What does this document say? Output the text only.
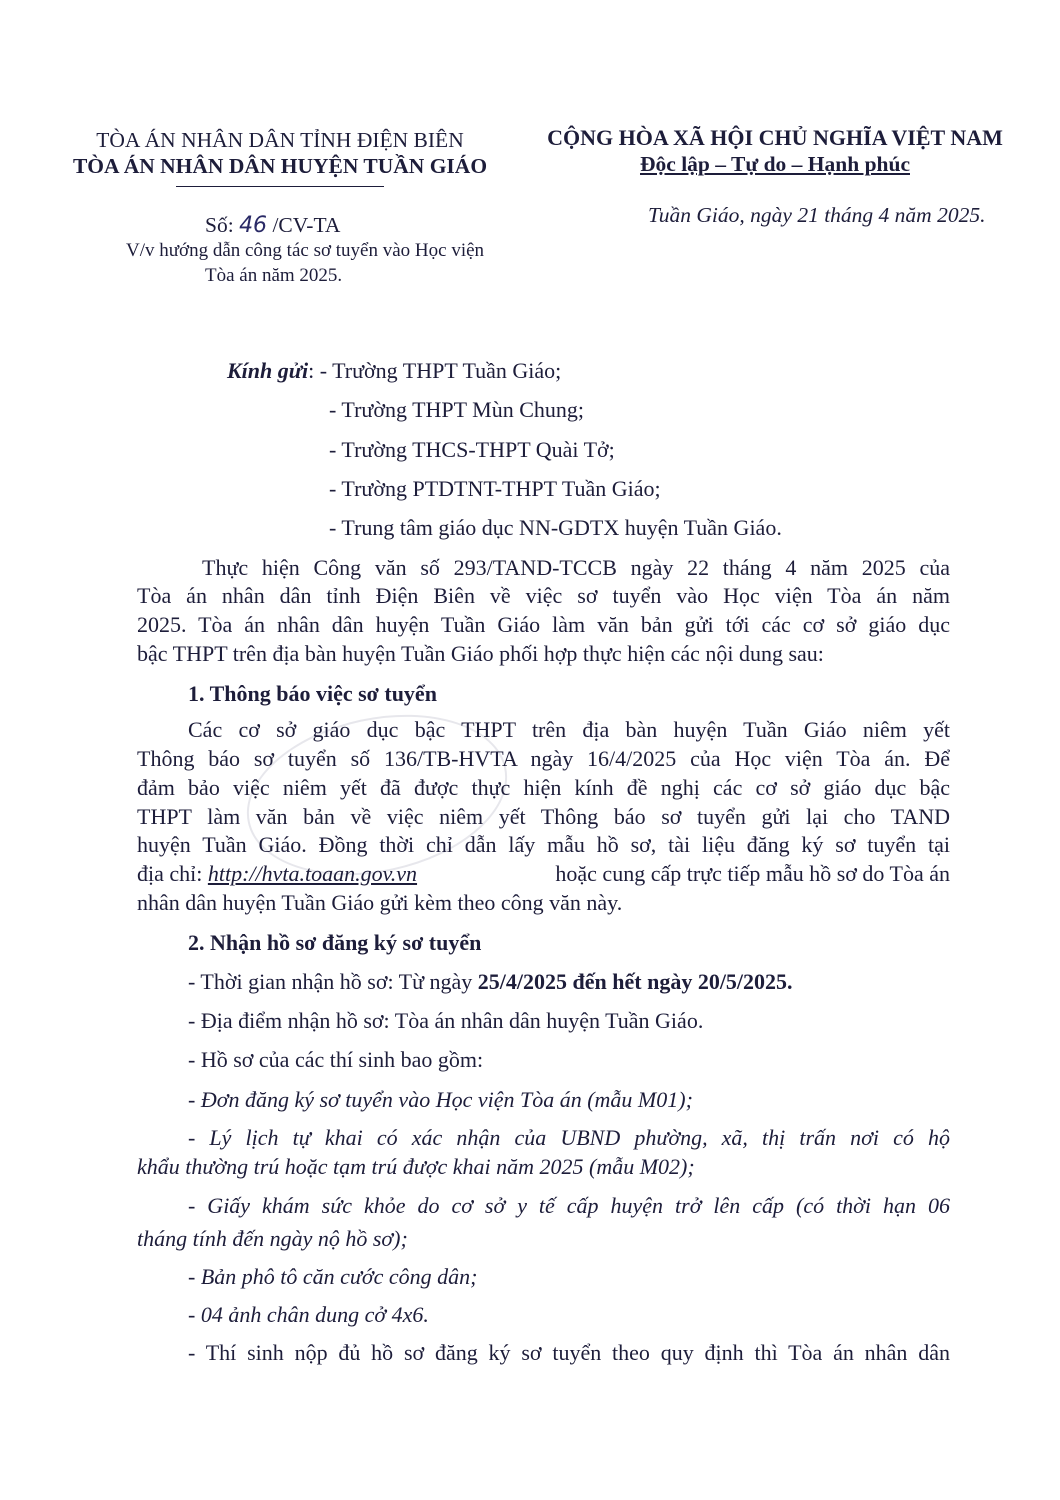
TÒA ÁN NHÂN DÂN TỈNH ĐIỆN BIÊN
TÒA ÁN NHÂN DÂN HUYỆN TUẦN GIÁO
CỘNG HÒA XÃ HỘI CHỦ NGHĨA VIỆT NAM
Độc lập – Tự do – Hạnh phúc
Số: 46 /CV-TA
V/v hướng dẫn công tác sơ tuyển vào Học viện
Tòa án năm 2025.
Tuần Giáo, ngày 21 tháng 4 năm 2025.
Kính gửi: - Trường THPT Tuần Giáo;
- Trường THPT Mùn Chung;
- Trường THCS-THPT Quài Tở;
- Trường PTDTNT-THPT Tuần Giáo;
- Trung tâm giáo dục NN-GDTX huyện Tuần Giáo.
Thực hiện Công văn số 293/TAND-TCCB ngày 22 tháng 4 năm 2025 của
Tòa án nhân dân tỉnh Điện Biên về việc sơ tuyển vào Học viện Tòa án năm
2025. Tòa án nhân dân huyện Tuần Giáo làm văn bản gửi tới các cơ sở giáo dục
bậc THPT trên địa bàn huyện Tuần Giáo phối hợp thực hiện các nội dung sau:
1. Thông báo việc sơ tuyển
Các cơ sở giáo dục bậc THPT trên địa bàn huyện Tuần Giáo niêm yết
Thông báo sơ tuyển số 136/TB-HVTA ngày 16/4/2025 của Học viện Tòa án. Để
đảm bảo việc niêm yết đã được thực hiện kính đề nghị các cơ sở giáo dục bậc
THPT làm văn bản về việc niêm yết Thông báo sơ tuyển gửi lại cho TAND
huyện Tuần Giáo. Đồng thời chỉ dẫn lấy mẫu hồ sơ, tài liệu đăng ký sơ tuyển tại
địa chỉ: http://hvta.toaan.gov.vn	hoặc cung cấp trực tiếp mẫu hồ sơ do Tòa án
nhân dân huyện Tuần Giáo gửi kèm theo công văn này.
2. Nhận hồ sơ đăng ký sơ tuyển
- Thời gian nhận hồ sơ: Từ ngày 25/4/2025 đến hết ngày 20/5/2025.
- Địa điểm nhận hồ sơ: Tòa án nhân dân huyện Tuần Giáo.
- Hồ sơ của các thí sinh bao gồm:
- Đơn đăng ký sơ tuyển vào Học viện Tòa án (mẫu M01);
- Lý lịch tự khai có xác nhận của UBND phường, xã, thị trấn nơi có hộ
khẩu thường trú hoặc tạm trú được khai năm 2025 (mẫu M02);
- Giấy khám sức khỏe do cơ sở y tế cấp huyện trở lên cấp (có thời hạn 06
tháng tính đến ngày nộ hồ sơ);
- Bản phô tô căn cước công dân;
- 04 ảnh chân dung cở 4x6.
- Thí sinh nộp đủ hồ sơ đăng ký sơ tuyển theo quy định thì Tòa án nhân dân
